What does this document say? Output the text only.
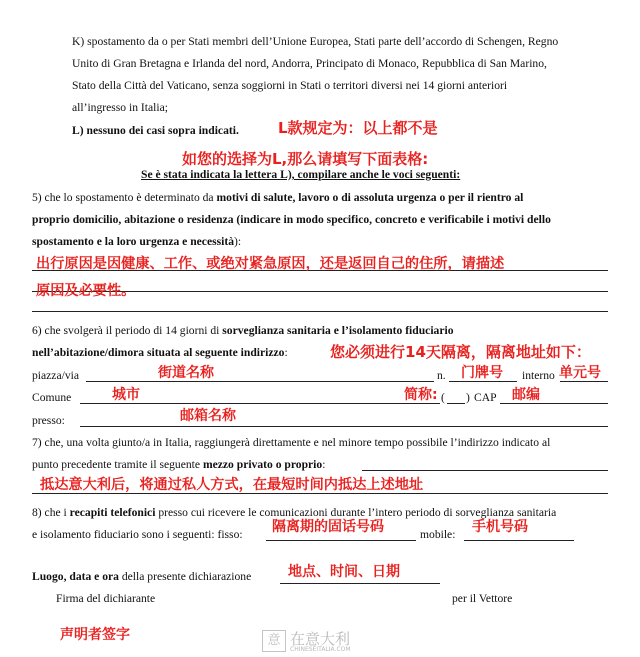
K) spostamento da o per Stati membri dell’Unione Europea, Stati parte dell’accordo di Schengen, Regno
Unito di Gran Bretagna e Irlanda del nord, Andorra, Principato di Monaco, Repubblica di San Marino,
Stato della Città del Vaticano, senza soggiorni in Stati o territori diversi nei 14 giorni anteriori
all’ingresso in Italia;
L) nessuno dei casi sopra indicati.	L款规定为：以上都不是
如您的选择为L,那么请填写下面表格:
Se è stata indicata la lettera L), compilare anche le voci seguenti:
5) che lo spostamento è determinato da motivi di salute, lavoro o di assoluta urgenza o per il rientro al
proprio domicilio, abitazione o residenza (indicare in modo specifico, concreto e verificabile i motivi dello
spostamento e la loro urgenza e necessità):
出行原因是因健康、工作、或绝对紧急原因，还是返回自己的住所，请描述
原因及必要性。
6) che svolgerà il periodo di 14 giorni di sorveglianza sanitaria e l’isolamento fiduciario
nell’abitazione/dimora situata al seguente indirizzo:	您必须进行14天隔离，隔离地址如下：
piazza/via	街道名称	n. 门牌号 interno 单元号
Comune	城市	简称: ( ) CAP 邮编
presso:	邮箱名称
7) che, una volta giunto/a in Italia, raggiungerà direttamente e nel minore tempo possibile l’indirizzo indicato al
punto precedente tramite il seguente mezzo privato o proprio:
抵达意大利后，将通过私人方式，在最短时间内抵达上述地址
8) che i recapiti telefonici presso cui ricevere le comunicazioni durante l’intero periodo di sorveglianza sanitaria
e isolamento fiduciario sono i seguenti: fisso: 隔离期的固话号码	mobile: 手机号码
Luogo, data e ora della presente dichiarazione	地点、时间、日期
Firma del dichiarante	per il Vettore
声明者签字	意 在意大利
CHINESEITALIA.COM
